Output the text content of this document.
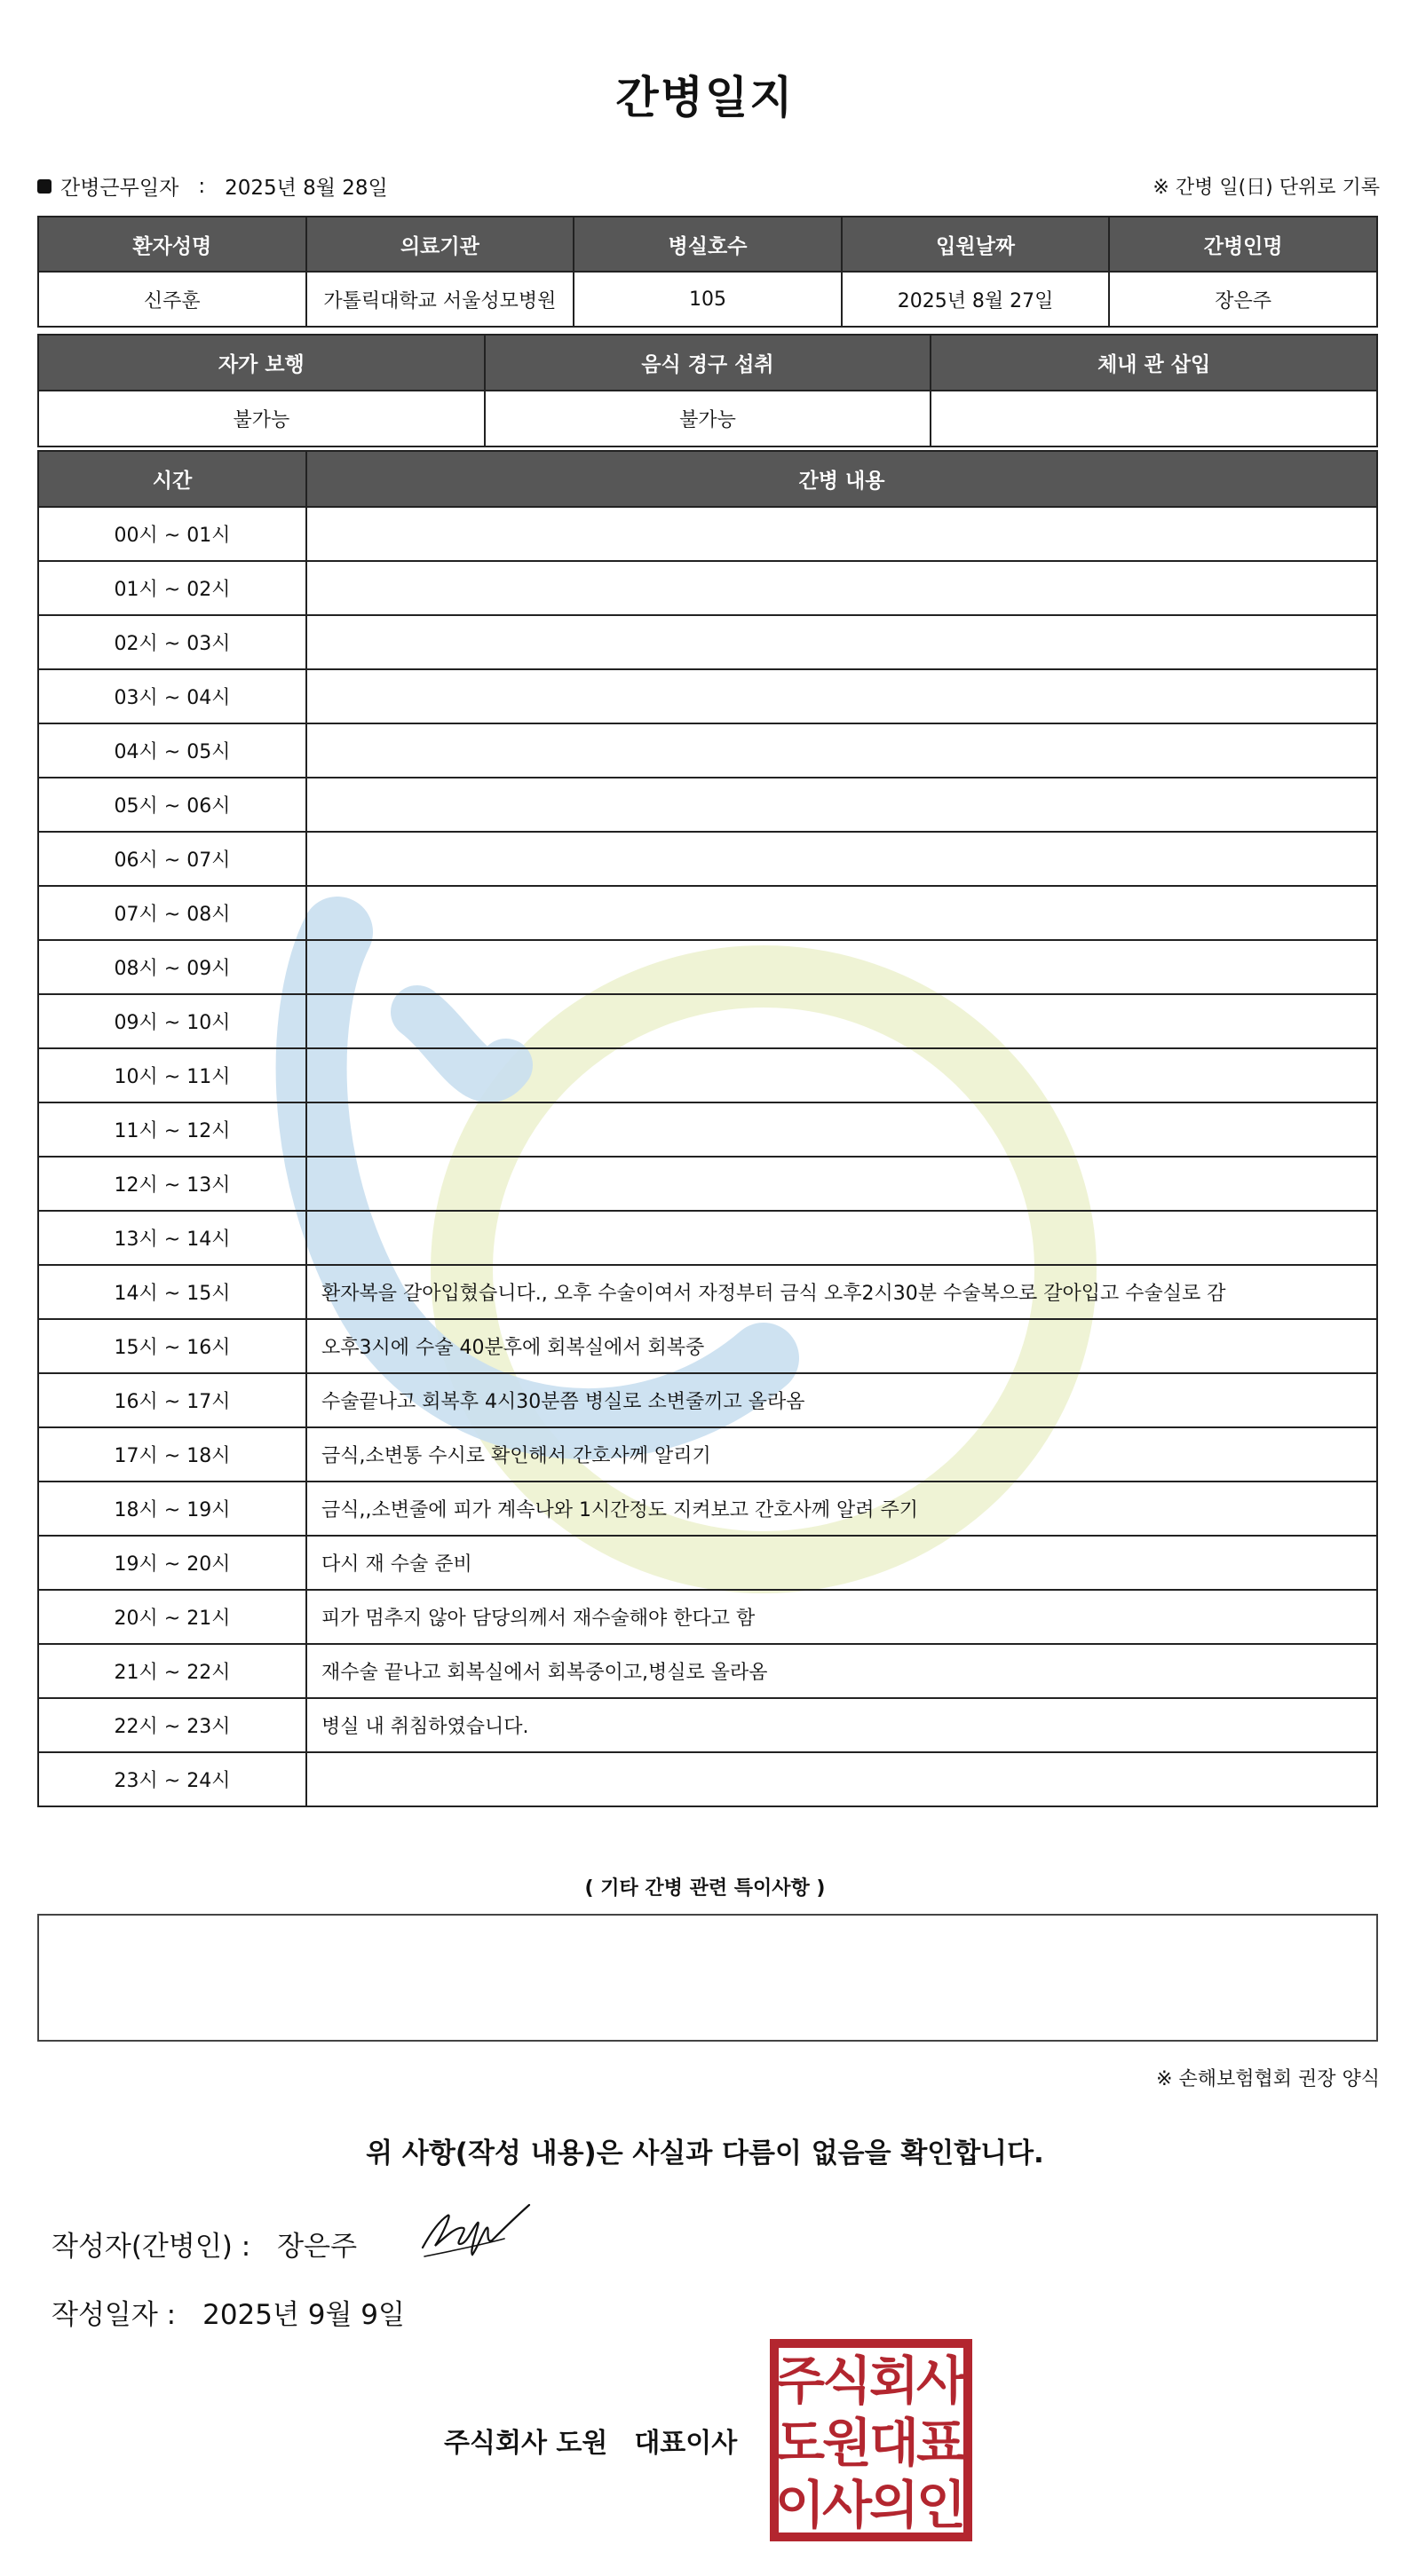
간병일지
간병근무일자 : 2025년 8월 28일	※ 간병 일(日) 단위로 기록
환자성명	의료기관	병실호수	입원날짜	간병인명
신주훈	가톨릭대학교 서울성모병원	105	2025년 8월 27일	장은주
자가 보행	음식 경구 섭취	체내 관 삽입
불가능	불가능	
시간	간병 내용
00시 ~ 01시	
01시 ~ 02시	
02시 ~ 03시	
03시 ~ 04시	
04시 ~ 05시	
05시 ~ 06시	
06시 ~ 07시	
07시 ~ 08시	
08시 ~ 09시	
09시 ~ 10시	
10시 ~ 11시	
11시 ~ 12시	
12시 ~ 13시	
13시 ~ 14시	
14시 ~ 15시	환자복을 갈아입혔습니다., 오후 수술이여서 자정부터 금식 오후2시30분 수술복으로 갈아입고 수술실로 감
15시 ~ 16시	오후3시에 수술 40분후에 회복실에서 회복중
16시 ~ 17시	수술끝나고 회복후 4시30분쯤 병실로 소변줄끼고 올라옴
17시 ~ 18시	금식,소변통 수시로 확인해서 간호사께 알리기
18시 ~ 19시	금식,,소변줄에 피가 계속나와 1시간정도 지켜보고 간호사께 알려 주기
19시 ~ 20시	다시 재 수술 준비
20시 ~ 21시	피가 멈추지 않아 담당의께서 재수술해야 한다고 함
21시 ~ 22시	재수술 끝나고 회복실에서 회복중이고,병실로 올라옴
22시 ~ 23시	병실 내 취침하였습니다.
23시 ~ 24시	
( 기타 간병 관련 특이사항 )
※ 손해보험협회 권장 양식
위 사항(작성 내용)은 사실과 다름이 없음을 확인합니다.
작성자(간병인) : 장은주
작성일자 : 2025년 9월 9일
주식회사 도원 대표이사
주
식
회
사
도
원
대
표
이
사
의
인
